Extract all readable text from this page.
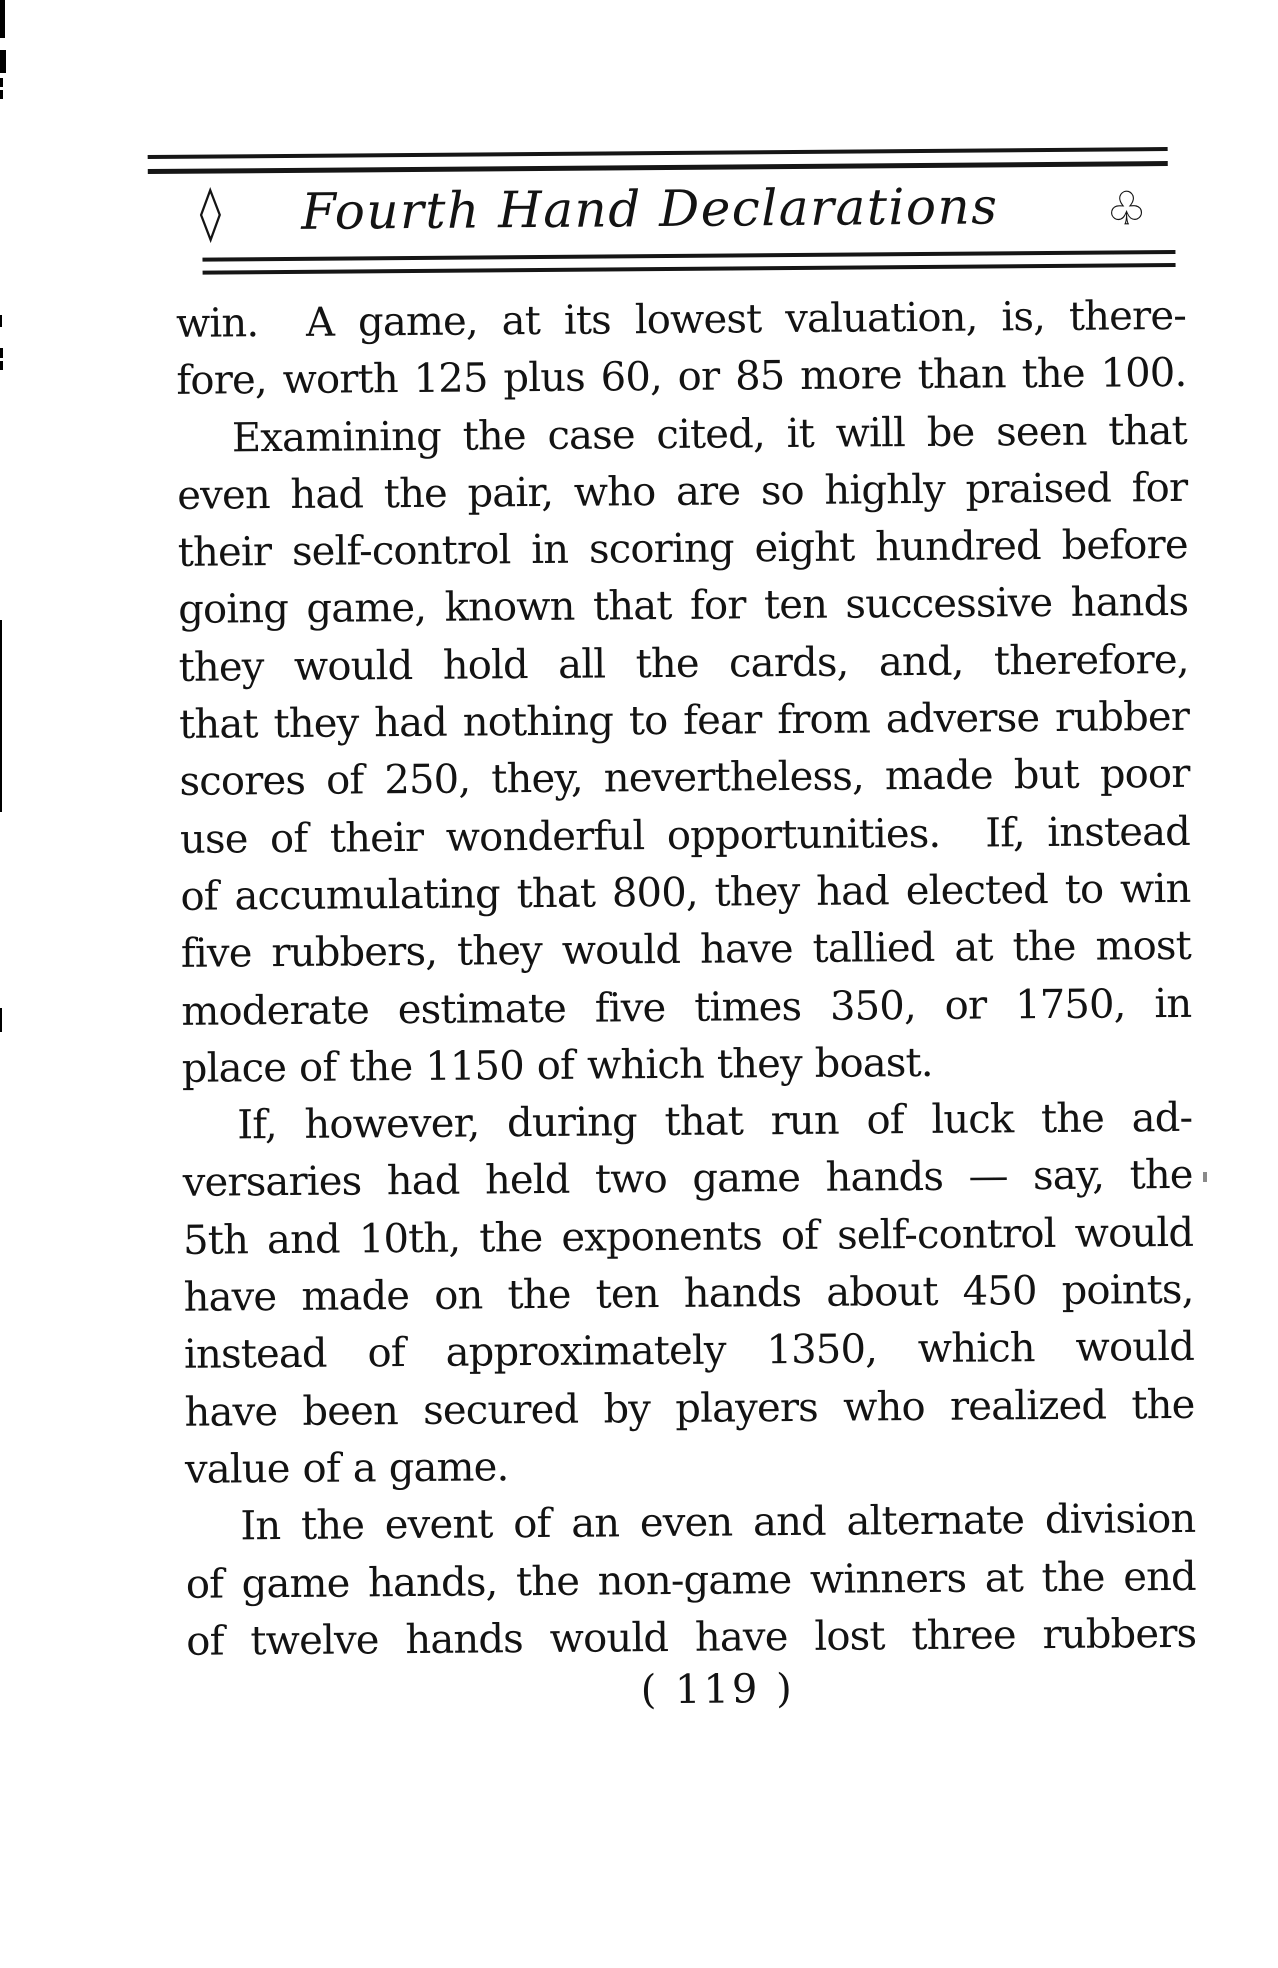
◊	Fourth Hand Declarations	♧
win.  A game, at its lowest valuation, is, there-
fore, worth 125 plus 60, or 85 more than the 100.
Examining the case cited, it will be seen that
even had the pair, who are so highly praised for
their self-control in scoring eight hundred before
going game, known that for ten successive hands
they would hold all the cards, and, therefore,
that they had nothing to fear from adverse rubber
scores of 250, they, nevertheless, made but poor
use of their wonderful opportunities.  If, instead
of accumulating that 800, they had elected to win
five rubbers, they would have tallied at the most
moderate estimate five times 350, or 1750, in
place of the 1150 of which they boast.
If, however, during that run of luck the ad-
versaries had held two game hands — say, the
5th and 10th, the exponents of self-control would
have made on the ten hands about 450 points,
instead of approximately 1350, which would
have been secured by players who realized the
value of a game.
In the event of an even and alternate division
of game hands, the non-game winners at the end
of twelve hands would have lost three rubbers
( 119 )
